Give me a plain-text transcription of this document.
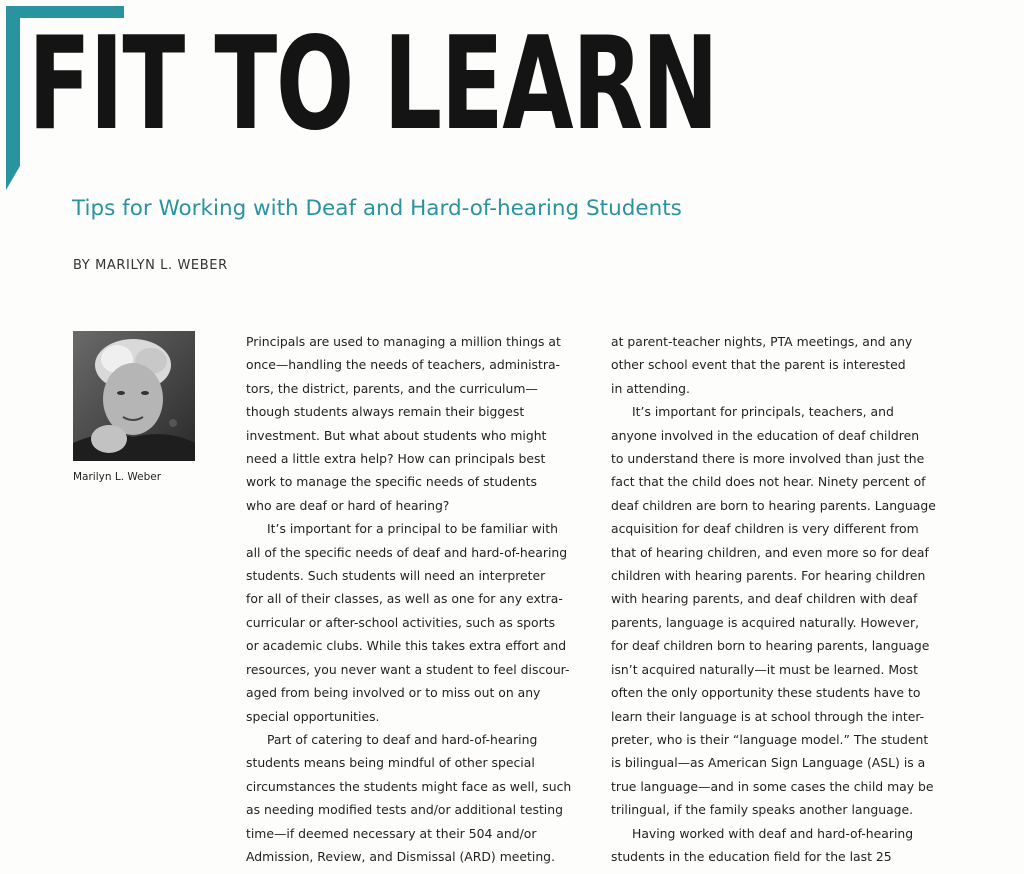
FIT TO LEARN
Tips for Working with Deaf and Hard-of-hearing Students

BY MARILYN L. WEBER

Marilyn L. Weber

Principals are used to managing a million things at
once—handling the needs of teachers, administra-
tors, the district, parents, and the curriculum—
though students always remain their biggest
investment. But what about students who might
need a little extra help? How can principals best
work to manage the specific needs of students
who are deaf or hard of hearing?
It’s important for a principal to be familiar with
all of the specific needs of deaf and hard-of-hearing
students. Such students will need an interpreter
for all of their classes, as well as one for any extra-
curricular or after-school activities, such as sports
or academic clubs. While this takes extra effort and
resources, you never want a student to feel discour-
aged from being involved or to miss out on any
special opportunities.
Part of catering to deaf and hard-of-hearing
students means being mindful of other special
circumstances the students might face as well, such
as needing modified tests and/or additional testing
time—if deemed necessary at their 504 and/or
Admission, Review, and Dismissal (ARD) meeting.
at parent-teacher nights, PTA meetings, and any
other school event that the parent is interested
in attending.
It’s important for principals, teachers, and
anyone involved in the education of deaf children
to understand there is more involved than just the
fact that the child does not hear. Ninety percent of
deaf children are born to hearing parents. Language
acquisition for deaf children is very different from
that of hearing children, and even more so for deaf
children with hearing parents. For hearing children
with hearing parents, and deaf children with deaf
parents, language is acquired naturally. However,
for deaf children born to hearing parents, language
isn’t acquired naturally—it must be learned. Most
often the only opportunity these students have to
learn their language is at school through the inter-
preter, who is their “language model.” The student
is bilingual—as American Sign Language (ASL) is a
true language—and in some cases the child may be
trilingual, if the family speaks another language.
Having worked with deaf and hard-of-hearing
students in the education field for the last 25
